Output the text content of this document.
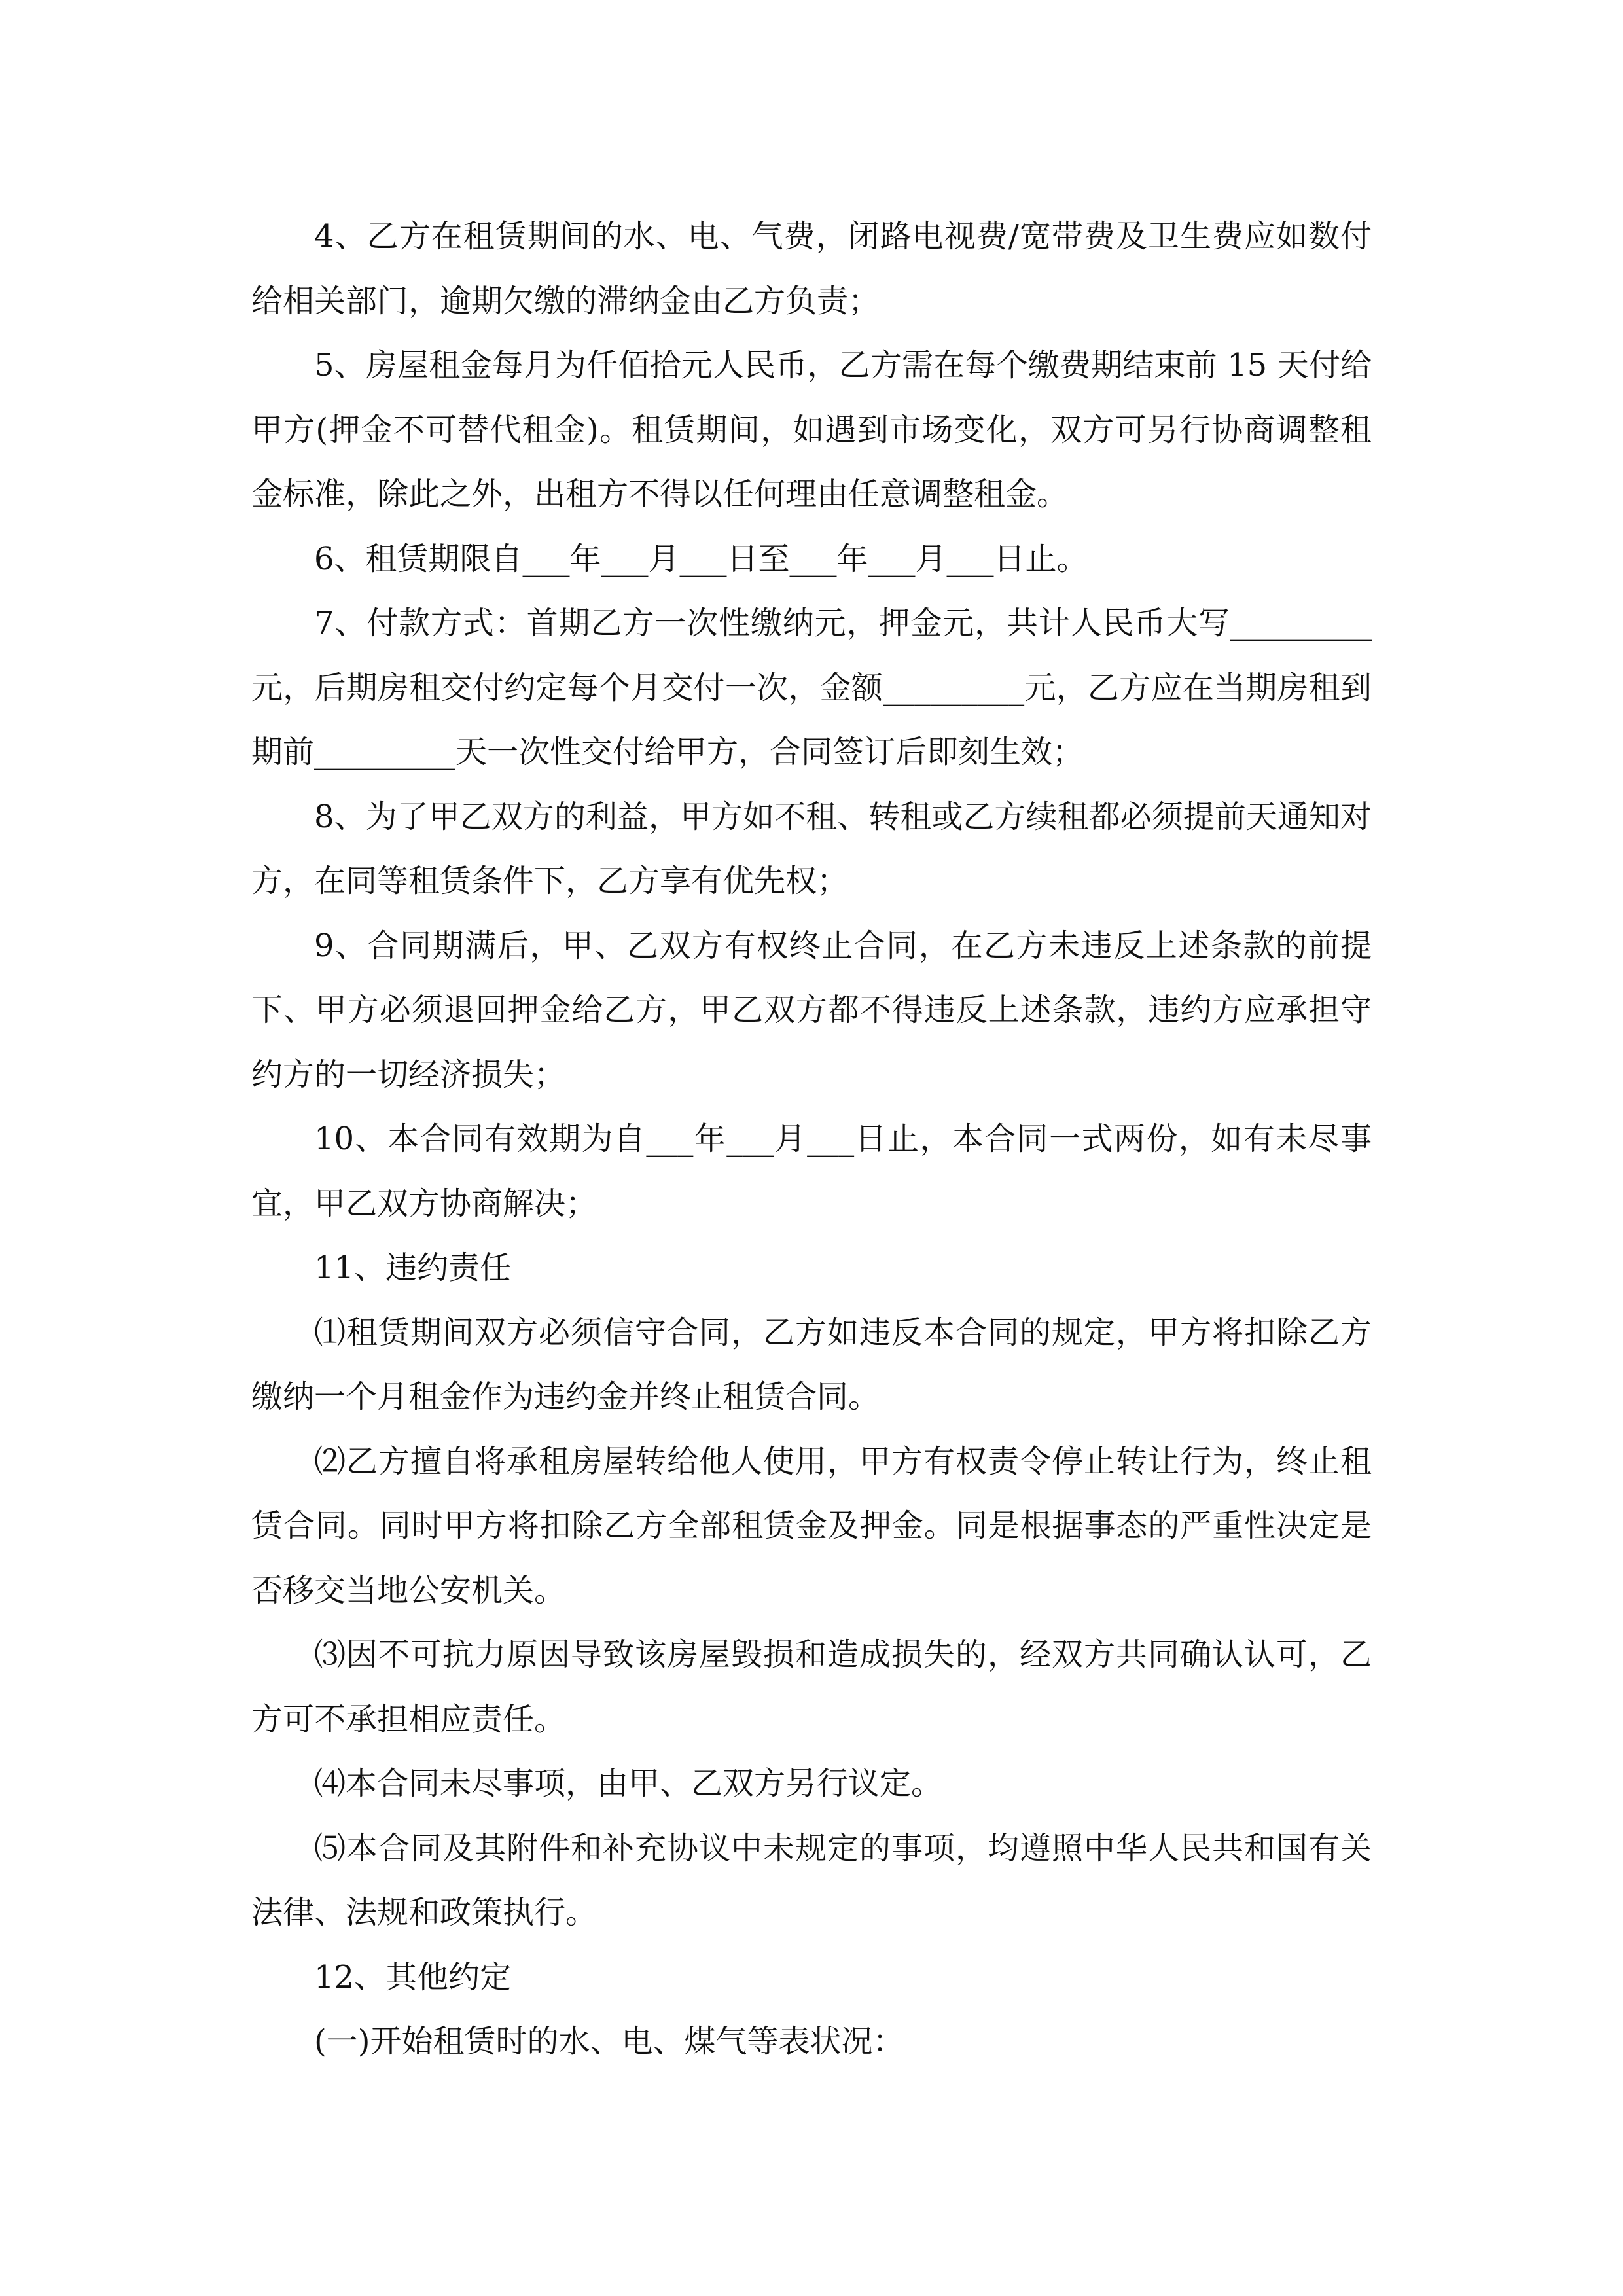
4、乙方在租赁期间的水、电、气费，闭路电视费/宽带费及卫生费应如数付给相关部门，逾期欠缴的滞纳金由乙方负责；

5、房屋租金每月为仟佰拾元人民币，乙方需在每个缴费期结束前 15 天付给甲方(押金不可替代租金)。租赁期间，如遇到市场变化，双方可另行协商调整租金标准，除此之外，出租方不得以任何理由任意调整租金。

6、租赁期限自___年___月___日至___年___月___日止。

7、付款方式：首期乙方一次性缴纳元，押金元，共计人民币大写_________元，后期房租交付约定每个月交付一次，金额_________元，乙方应在当期房租到期前_________天一次性交付给甲方，合同签订后即刻生效；

8、为了甲乙双方的利益，甲方如不租、转租或乙方续租都必须提前天通知对方，在同等租赁条件下，乙方享有优先权；

9、合同期满后，甲、乙双方有权终止合同，在乙方未违反上述条款的前提下、甲方必须退回押金给乙方，甲乙双方都不得违反上述条款，违约方应承担守约方的一切经济损失；

10、本合同有效期为自___年___月___日止，本合同一式两份，如有未尽事宜，甲乙双方协商解决；

11、违约责任

⑴租赁期间双方必须信守合同，乙方如违反本合同的规定，甲方将扣除乙方缴纳一个月租金作为违约金并终止租赁合同。

⑵乙方擅自将承租房屋转给他人使用，甲方有权责令停止转让行为，终止租赁合同。同时甲方将扣除乙方全部租赁金及押金。同是根据事态的严重性决定是否移交当地公安机关。

⑶因不可抗力原因导致该房屋毁损和造成损失的，经双方共同确认认可，乙方可不承担相应责任。

⑷本合同未尽事项，由甲、乙双方另行议定。

⑸本合同及其附件和补充协议中未规定的事项，均遵照中华人民共和国有关法律、法规和政策执行。

12、其他约定

(一)开始租赁时的水、电、煤气等表状况：
